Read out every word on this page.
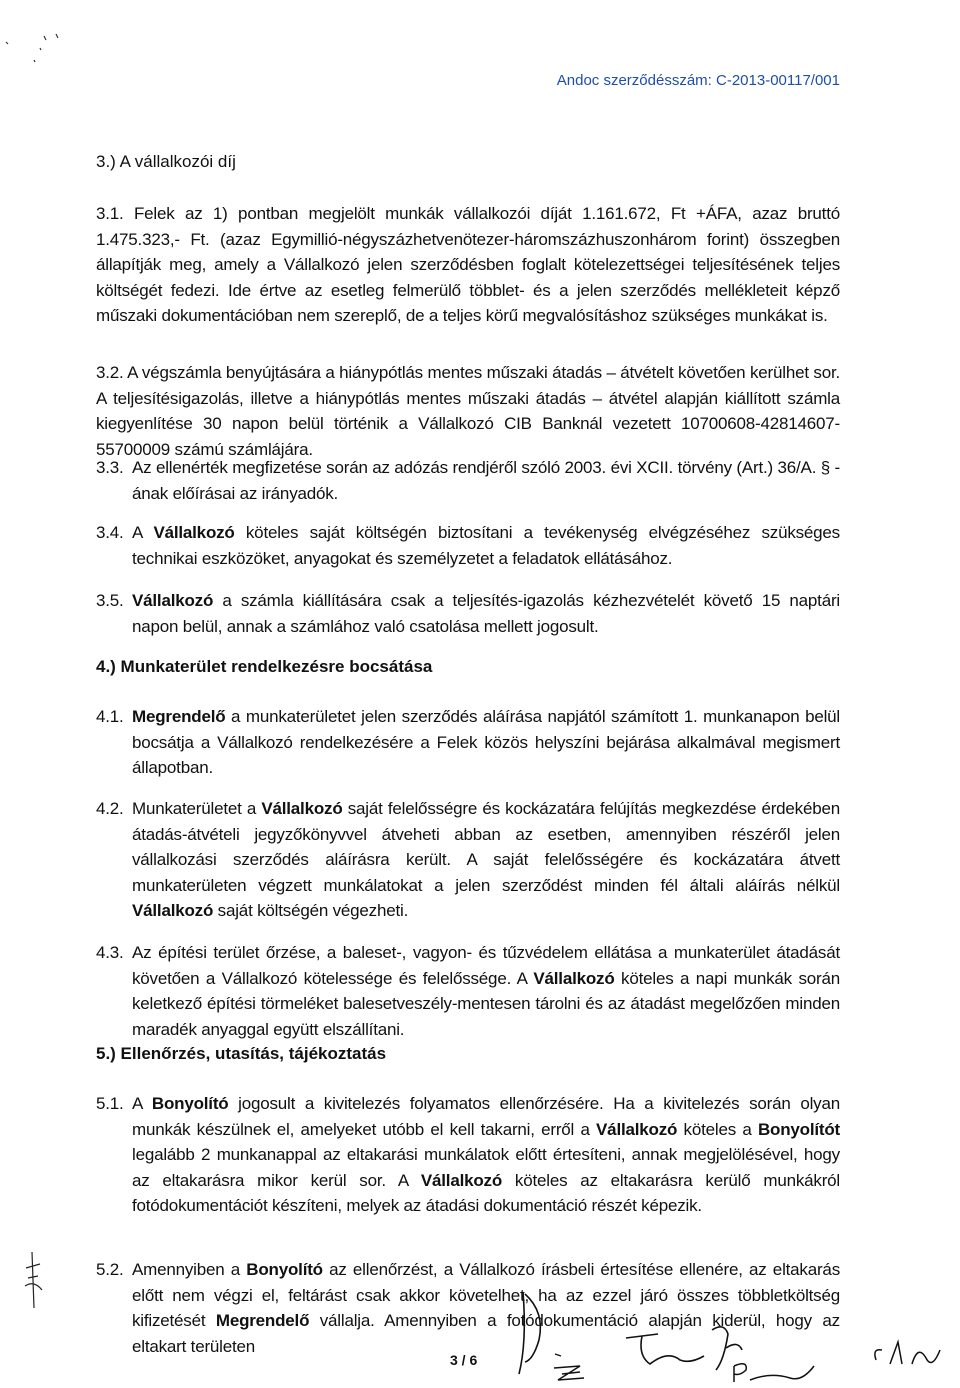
Andoc szerződésszám: C-2013-00117/001
3.) A vállalkozói díj
3.1. Felek az 1) pontban megjelölt munkák vállalkozói díját 1.161.672, Ft +ÁFA, azaz bruttó 1.475.323,- Ft. (azaz Egymillió-négyszázhetvenötezer-háromszázhuszonhárom forint) összegben állapítják meg, amely a Vállalkozó jelen szerződésben foglalt kötelezettségei teljesítésének teljes költségét fedezi. Ide értve az esetleg felmerülő többlet- és a jelen szerződés mellékleteit képző műszaki dokumentációban nem szereplő, de a teljes körű megvalósításhoz szükséges munkákat is.
3.2. A végszámla benyújtására a hiánypótlás mentes műszaki átadás – átvételt követően kerülhet sor. A teljesítésigazolás, illetve a hiánypótlás mentes műszaki átadás – átvétel alapján kiállított számla kiegyenlítése 30 napon belül történik a Vállalkozó CIB Banknál vezetett 10700608-42814607-55700009 számú számlájára.
3.3. Az ellenérték megfizetése során az adózás rendjéről szóló 2003. évi XCII. törvény (Art.) 36/A. § - ának előírásai az irányadók.
3.4. A Vállalkozó köteles saját költségén biztosítani a tevékenység elvégzéséhez szükséges technikai eszközöket, anyagokat és személyzetet a feladatok ellátásához.
3.5. Vállalkozó a számla kiállítására csak a teljesítés-igazolás kézhezvételét követő 15 naptári napon belül, annak a számlához való csatolása mellett jogosult.
4.) Munkaterület rendelkezésre bocsátása
4.1. Megrendelő a munkaterületet jelen szerződés aláírása napjától számított 1. munkanapon belül bocsátja a Vállalkozó rendelkezésére a Felek közös helyszíni bejárása alkalmával megismert állapotban.
4.2. Munkaterületet a Vállalkozó saját felelősségre és kockázatára felújítás megkezdése érdekében átadás-átvételi jegyzőkönyvvel átveheti abban az esetben, amennyiben részéről jelen vállalkozási szerződés aláírásra került. A saját felelősségére és kockázatára átvett munkaterületen végzett munkálatokat a jelen szerződést minden fél általi aláírás nélkül Vállalkozó saját költségén végezheti.
4.3. Az építési terület őrzése, a baleset-, vagyon- és tűzvédelem ellátása a munkaterület átadását követően a Vállalkozó kötelessége és felelőssége. A Vállalkozó köteles a napi munkák során keletkező építési törmeléket balesetveszély-mentesen tárolni és az átadást megelőzően minden maradék anyaggal együtt elszállítani.
5.) Ellenőrzés, utasítás, tájékoztatás
5.1. A Bonyolító jogosult a kivitelezés folyamatos ellenőrzésére. Ha a kivitelezés során olyan munkák készülnek el, amelyeket utóbb el kell takarni, erről a Vállalkozó köteles a Bonyolítót legalább 2 munkanappal az eltakarási munkálatok előtt értesíteni, annak megjelölésével, hogy az eltakarásra mikor kerül sor. A Vállalkozó köteles az eltakarásra kerülő munkákról fotódokumentációt készíteni, melyek az átadási dokumentáció részét képezik.
5.2. Amennyiben a Bonyolító az ellenőrzést, a Vállalkozó írásbeli értesítése ellenére, az eltakarás előtt nem végzi el, feltárást csak akkor követelhet, ha az ezzel járó összes többletköltség kifizetését Megrendelő vállalja. Amennyiben a fotódokumentáció alapján kiderül, hogy az eltakart területen
3 / 6
